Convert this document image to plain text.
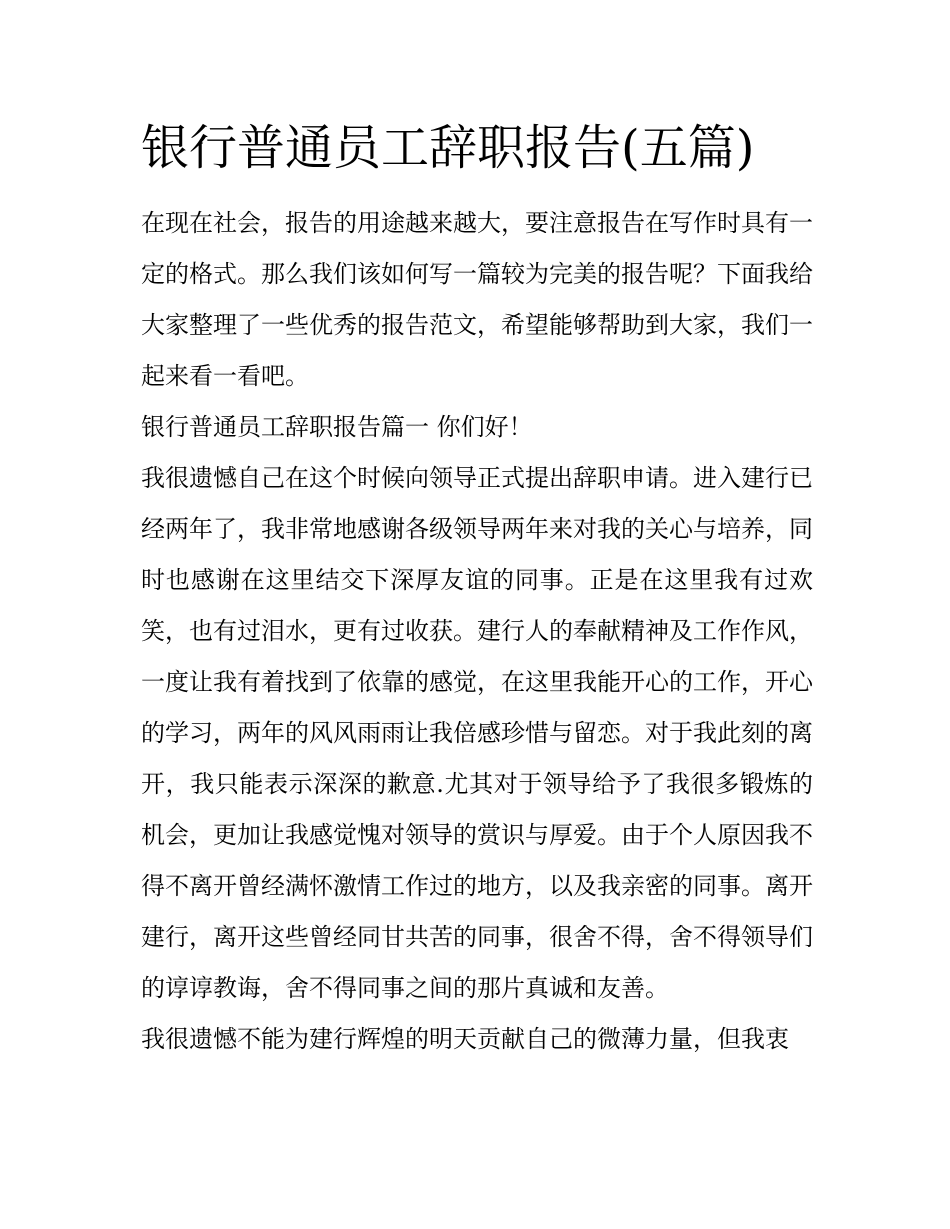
银行普通员工辞职报告(五篇)

在现在社会，报告的用途越来越大，要注意报告在写作时具有一定的格式。那么我们该如何写一篇较为完美的报告呢？下面我给大家整理了一些优秀的报告范文，希望能够帮助到大家，我们一起来看一看吧。

银行普通员工辞职报告篇一 你们好！

我很遗憾自己在这个时候向领导正式提出辞职申请。进入建行已经两年了，我非常地感谢各级领导两年来对我的关心与培养，同时也感谢在这里结交下深厚友谊的同事。正是在这里我有过欢笑，也有过泪水，更有过收获。建行人的奉献精神及工作作风，一度让我有着找到了依靠的感觉，在这里我能开心的工作，开心的学习，两年的风风雨雨让我倍感珍惜与留恋。对于我此刻的离开，我只能表示深深的歉意.尤其对于领导给予了我很多锻炼的机会，更加让我感觉愧对领导的赏识与厚爱。由于个人原因我不得不离开曾经满怀激情工作过的地方，以及我亲密的同事。离开建行，离开这些曾经同甘共苦的同事，很舍不得，舍不得领导们的谆谆教诲，舍不得同事之间的那片真诚和友善。

我很遗憾不能为建行辉煌的明天贡献自己的微薄力量，但我衷
